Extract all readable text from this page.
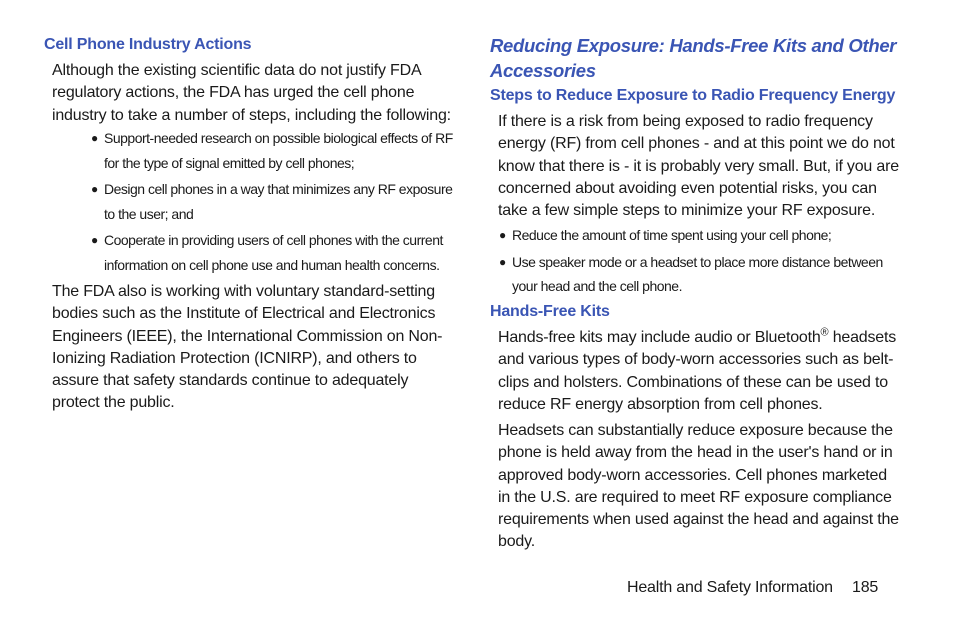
Cell Phone Industry Actions

Although the existing scientific data do not justify FDA regulatory actions, the FDA has urged the cell phone industry to take a number of steps, including the following:

● Support-needed research on possible biological effects of RF for the type of signal emitted by cell phones;
● Design cell phones in a way that minimizes any RF exposure to the user; and
● Cooperate in providing users of cell phones with the current information on cell phone use and human health concerns.

The FDA also is working with voluntary standard-setting bodies such as the Institute of Electrical and Electronics Engineers (IEEE), the International Commission on Non-Ionizing Radiation Protection (ICNIRP), and others to assure that safety standards continue to adequately protect the public.

Reducing Exposure: Hands-Free Kits and Other Accessories
Steps to Reduce Exposure to Radio Frequency Energy

If there is a risk from being exposed to radio frequency energy (RF) from cell phones - and at this point we do not know that there is - it is probably very small. But, if you are concerned about avoiding even potential risks, you can take a few simple steps to minimize your RF exposure.

● Reduce the amount of time spent using your cell phone;
● Use speaker mode or a headset to place more distance between your head and the cell phone.
Hands-Free Kits

Hands-free kits may include audio or Bluetooth® headsets and various types of body-worn accessories such as belt-clips and holsters. Combinations of these can be used to reduce RF energy absorption from cell phones.

Headsets can substantially reduce exposure because the phone is held away from the head in the user's hand or in approved body-worn accessories. Cell phones marketed in the U.S. are required to meet RF exposure compliance requirements when used against the head and against the body.

Health and Safety Information 185
